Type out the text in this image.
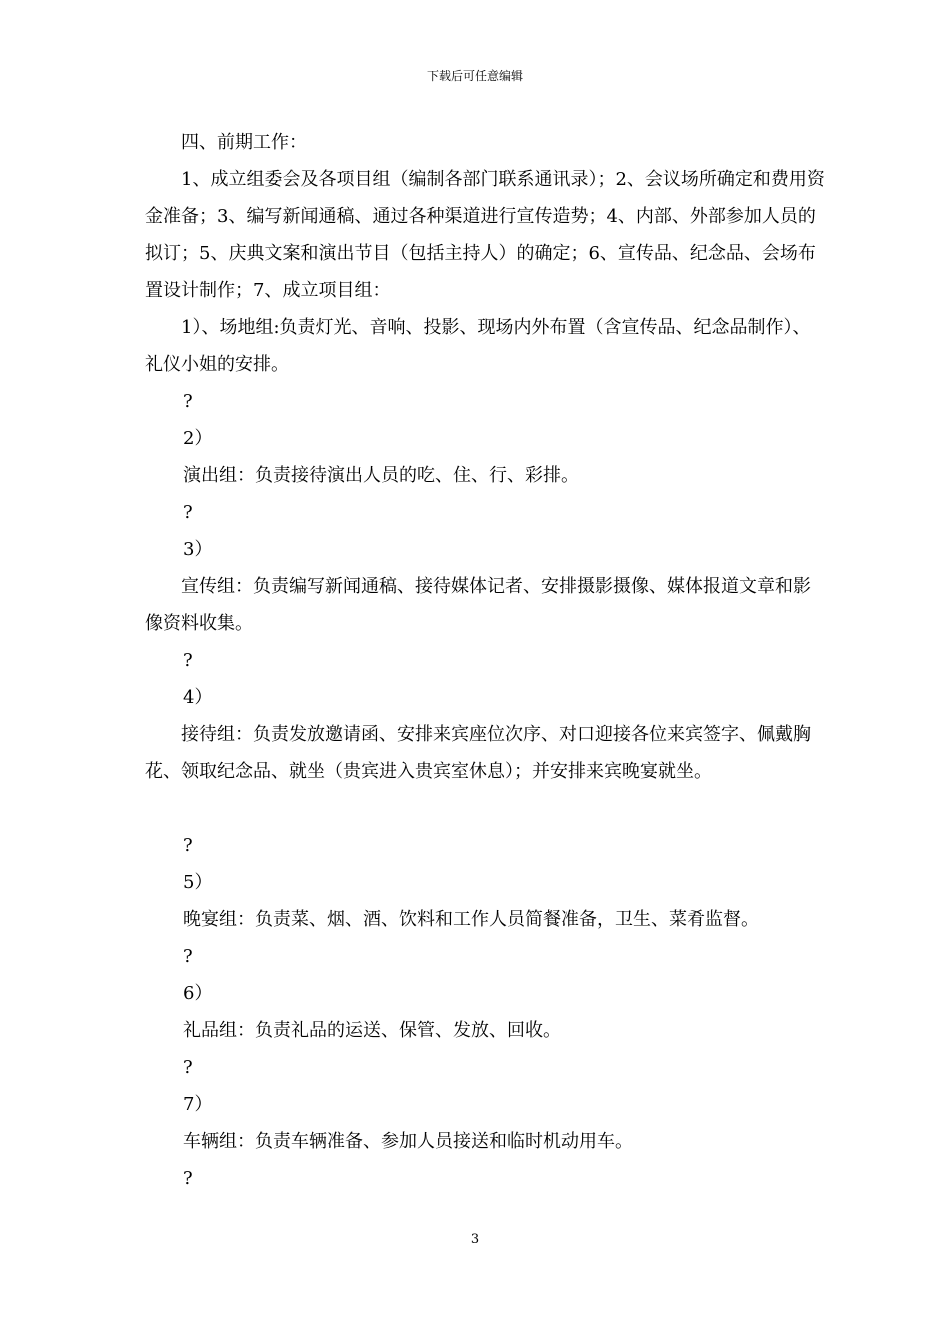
下载后可任意编辑

四、前期工作：

1、成立组委会及各项目组（编制各部门联系通讯录）；2、会议场所确定和费用资金准备；3、编写新闻通稿、通过各种渠道进行宣传造势；4、内部、外部参加人员的拟订；5、庆典文案和演出节目（包括主持人）的确定；6、宣传品、纪念品、会场布置设计制作；7、成立项目组：

1）、场地组:负责灯光、音响、投影、现场内外布置（含宣传品、纪念品制作）、礼仪小姐的安排。

?

2）

演出组：负责接待演出人员的吃、住、行、彩排。

?

3）

宣传组：负责编写新闻通稿、接待媒体记者、安排摄影摄像、媒体报道文章和影像资料收集。

?

4）

接待组：负责发放邀请函、安排来宾座位次序、对口迎接各位来宾签字、佩戴胸花、领取纪念品、就坐（贵宾进入贵宾室休息）；并安排来宾晚宴就坐。

?

5）

晚宴组：负责菜、烟、酒、饮料和工作人员简餐准备，卫生、菜肴监督。

?

6）

礼品组：负责礼品的运送、保管、发放、回收。

?

7）

车辆组：负责车辆准备、参加人员接送和临时机动用车。

?

3
